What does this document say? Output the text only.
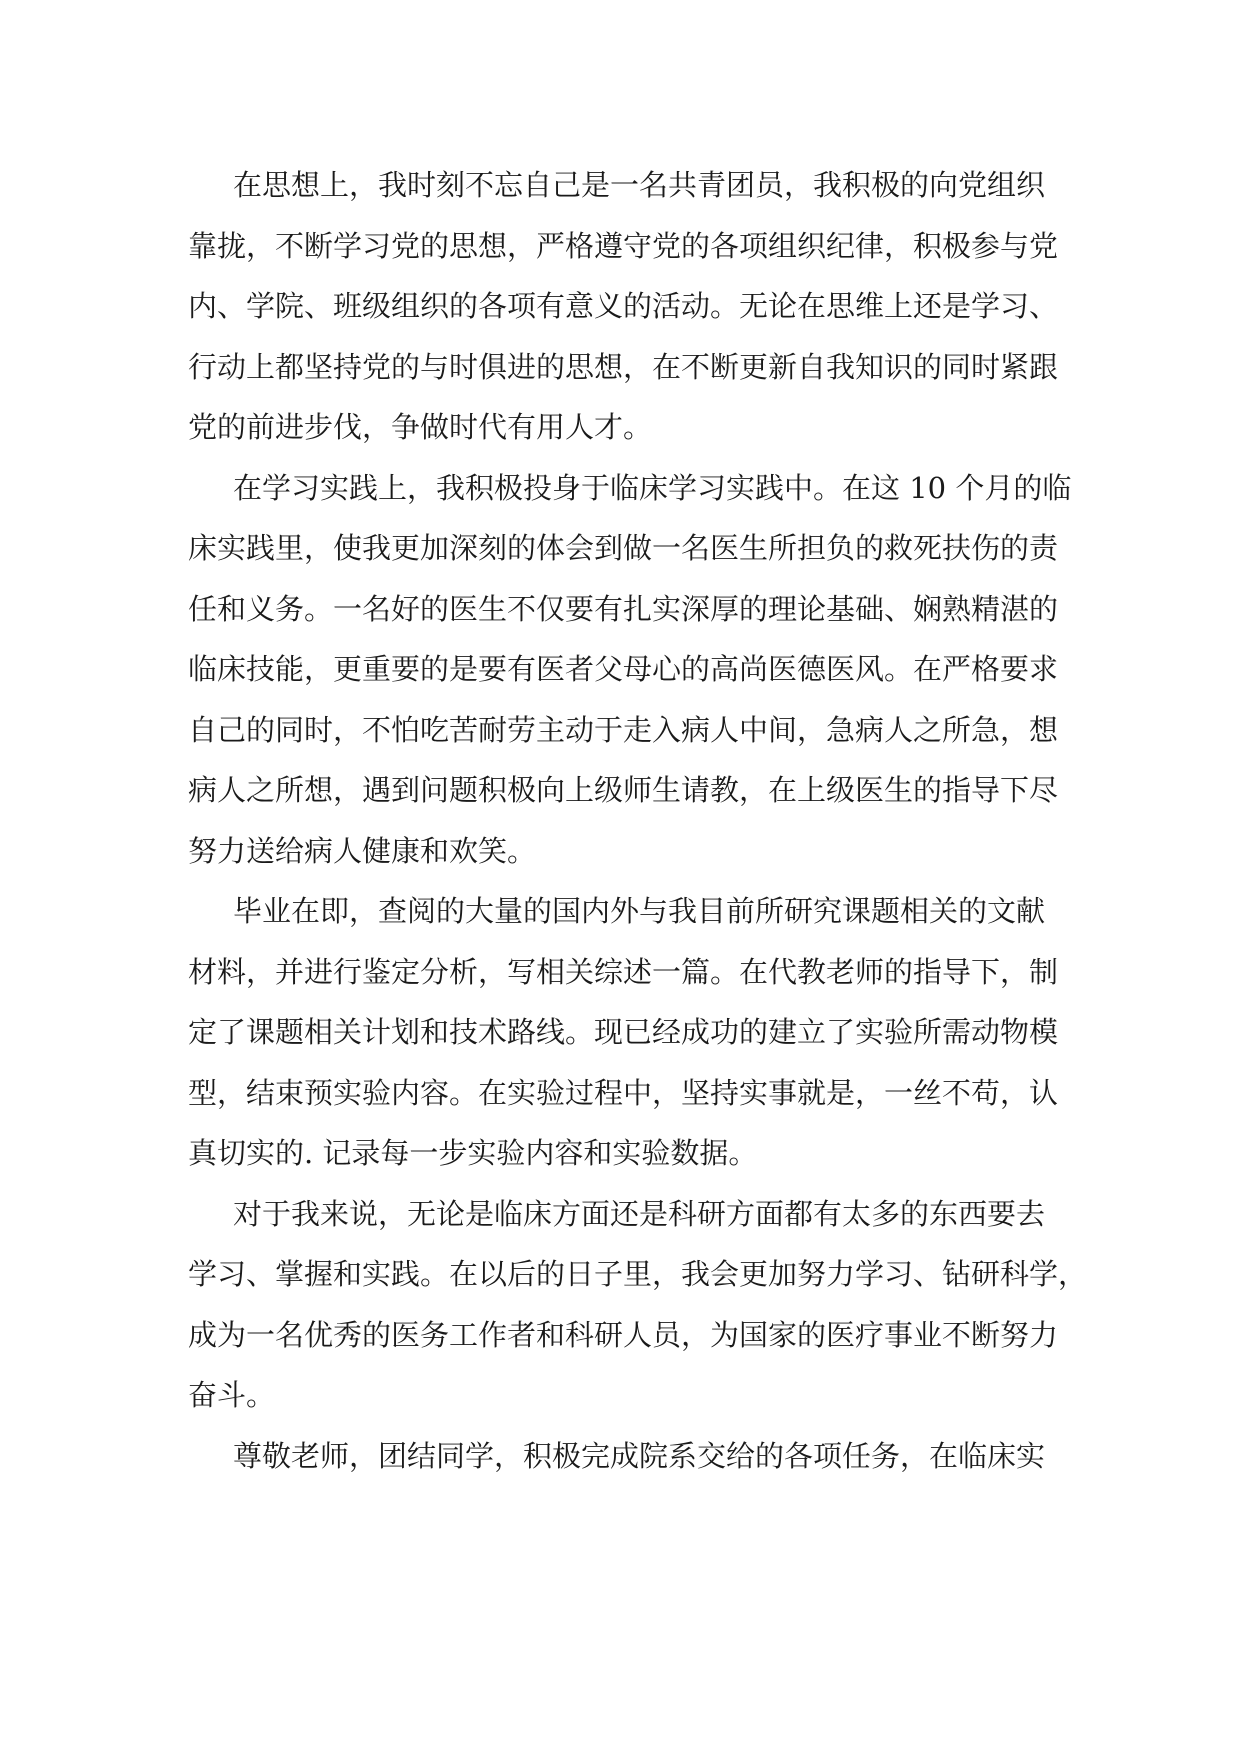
在思想上，我时刻不忘自己是一名共青团员，我积极的向党组织
靠拢，不断学习党的思想，严格遵守党的各项组织纪律，积极参与党
内、学院、班级组织的各项有意义的活动。无论在思维上还是学习、
行动上都坚持党的与时俱进的思想，在不断更新自我知识的同时紧跟
党的前进步伐，争做时代有用人才。
在学习实践上，我积极投身于临床学习实践中。在这 10 个月的临
床实践里，使我更加深刻的体会到做一名医生所担负的救死扶伤的责
任和义务。一名好的医生不仅要有扎实深厚的理论基础、娴熟精湛的
临床技能，更重要的是要有医者父母心的高尚医德医风。在严格要求
自己的同时，不怕吃苦耐劳主动于走入病人中间，急病人之所急，想
病人之所想，遇到问题积极向上级师生请教，在上级医生的指导下尽
努力送给病人健康和欢笑。
毕业在即，查阅的大量的国内外与我目前所研究课题相关的文献
材料，并进行鉴定分析，写相关综述一篇。在代教老师的指导下，制
定了课题相关计划和技术路线。现已经成功的建立了实验所需动物模
型，结束预实验内容。在实验过程中，坚持实事就是，一丝不苟，认
真切实的. 记录每一步实验内容和实验数据。
对于我来说，无论是临床方面还是科研方面都有太多的东西要去
学习、掌握和实践。在以后的日子里，我会更加努力学习、钻研科学，
成为一名优秀的医务工作者和科研人员，为国家的医疗事业不断努力
奋斗。
尊敬老师，团结同学，积极完成院系交给的各项任务，在临床实
